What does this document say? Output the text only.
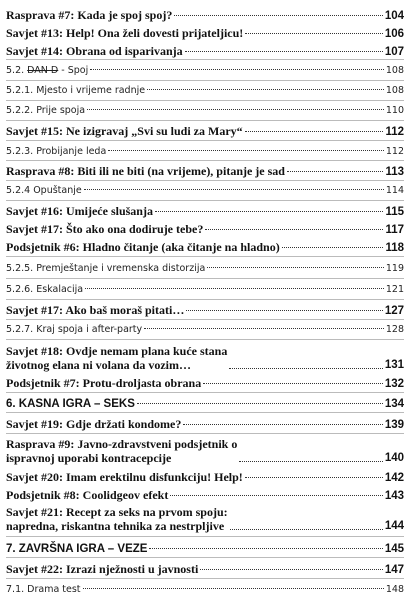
Rasprava #7: Kada je spoj spoj?	104
Savjet #13: Help! Ona želi dovesti prijateljicu!	106
Savjet #14: Obrana od isparivanja	107
5.2. DAN D - Spoj	108
5.2.1. Mjesto i vrijeme radnje	108
5.2.2. Prije spoja	110
Savjet #15: Ne izigravaj „Svi su ludi za Mary“	112
5.2.3. Probijanje leda	112
Rasprava #8: Biti ili ne biti (na vrijeme), pitanje je sad	113
5.2.4 Opuštanje	114
Savjet #16: Umijeće slušanja	115
Savjet #17: Što ako ona dodiruje tebe?	117
Podsjetnik #6: Hladno čitanje (aka čitanje na hladno)	118
5.2.5. Premještanje i vremenska distorzija	119
5.2.6. Eskalacija	121
Savjet #17: Ako baš moraš pitati…	127
5.2.7. Kraj spoja i after-party	128
Savjet #18: Ovdje nemam plana kuće stana
životnog elana ni volana da vozim…	131
Podsjetnik #7: Protu-droljasta obrana	132
6. KASNA IGRA – SEKS	134
Savjet #19: Gdje držati kondome?	139
Rasprava #9: Javno-zdravstveni podsjetnik o
ispravnoj uporabi kontracepcije	140
Savjet #20: Imam erektilnu disfunkciju! Help!	142
Podsjetnik #8: Coolidgeov efekt	143
Savjet #21: Recept za seks na prvom spoju:
napredna, riskantna tehnika za nestrpljive	144
7. ZAVRŠNA IGRA – VEZE	145
Savjet #22: Izrazi nježnosti u javnosti	147
7.1. Drama test	148
